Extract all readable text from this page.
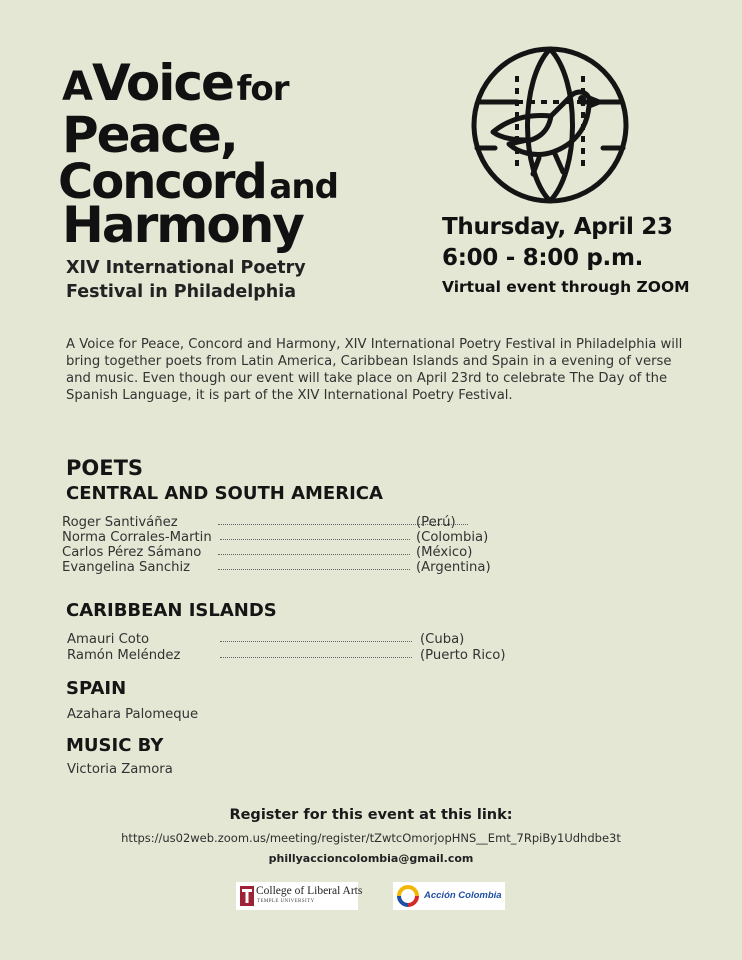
AVoice for
Peace,
Concord and
Harmony
XIV International Poetry
Festival in Philadelphia
Thursday, April 23
6:00 - 8:00 p.m.
Virtual event through ZOOM
A Voice for Peace, Concord and Harmony, XIV International Poetry Festival in Philadelphia will bring together poets from Latin America, Caribbean Islands and Spain in a evening of verse and music. Even though our event will take place on April 23rd to celebrate The Day of the Spanish Language, it is part of the XIV International Poetry Festival.
POETS
CENTRAL AND SOUTH AMERICA
Roger Santiváñez	(Perú)
Norma Corrales-Martin	(Colombia)
Carlos Pérez Sámano	(México)
Evangelina Sanchiz	(Argentina)
CARIBBEAN ISLANDS
Amauri Coto	(Cuba)
Ramón Meléndez	(Puerto Rico)
SPAIN
Azahara Palomeque
MUSIC BY
Victoria Zamora
Register for this event at this link:
https://us02web.zoom.us/meeting/register/tZwtcOmorjopHNS__Emt_7RpiBy1Udhdbe3t
phillyaccioncolombia@gmail.com
College of Liberal Arts
TEMPLE UNIVERSITY
Acción Colombia
